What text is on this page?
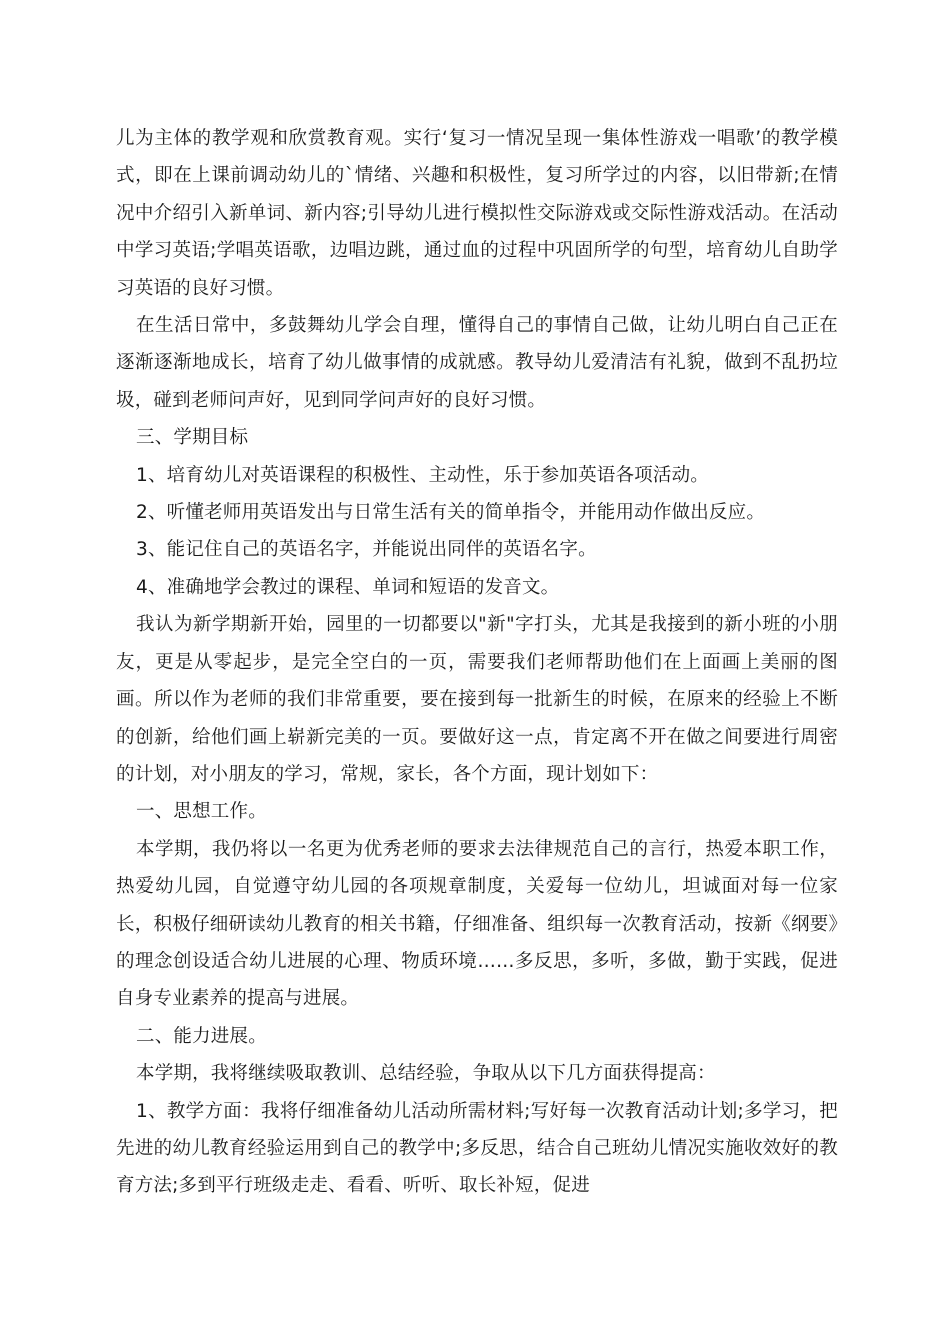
儿为主体的教学观和欣赏教育观。实行‘复习一情况呈现一集体性游戏一唱歌’的教学模式，即在上课前调动幼儿的`情绪、兴趣和积极性，复习所学过的内容，以旧带新;在情况中介绍引入新单词、新内容;引导幼儿进行模拟性交际游戏或交际性游戏活动。在活动中学习英语;学唱英语歌，边唱边跳，通过血的过程中巩固所学的句型，培育幼儿自助学习英语的良好习惯。

在生活日常中，多鼓舞幼儿学会自理，懂得自己的事情自己做，让幼儿明白自己正在逐渐逐渐地成长，培育了幼儿做事情的成就感。教导幼儿爱清洁有礼貌，做到不乱扔垃圾，碰到老师问声好，见到同学问声好的良好习惯。

三、学期目标

1、培育幼儿对英语课程的积极性、主动性，乐于参加英语各项活动。

2、听懂老师用英语发出与日常生活有关的简单指令，并能用动作做出反应。

3、能记住自己的英语名字，并能说出同伴的英语名字。

4、准确地学会教过的课程、单词和短语的发音文。

我认为新学期新开始，园里的一切都要以"新"字打头，尤其是我接到的新小班的小朋友，更是从零起步，是完全空白的一页，需要我们老师帮助他们在上面画上美丽的图画。所以作为老师的我们非常重要，要在接到每一批新生的时候，在原来的经验上不断的创新，给他们画上崭新完美的一页。要做好这一点，肯定离不开在做之间要进行周密的计划，对小朋友的学习，常规，家长，各个方面，现计划如下：

一、思想工作。

本学期，我仍将以一名更为优秀老师的要求去法律规范自己的言行，热爱本职工作，热爱幼儿园，自觉遵守幼儿园的各项规章制度，关爱每一位幼儿，坦诚面对每一位家长，积极仔细研读幼儿教育的相关书籍，仔细准备、组织每一次教育活动，按新《纲要》的理念创设适合幼儿进展的心理、物质环境……多反思，多听，多做，勤于实践，促进自身专业素养的提高与进展。

二、能力进展。

本学期，我将继续吸取教训、总结经验，争取从以下几方面获得提高：

1、教学方面：我将仔细准备幼儿活动所需材料;写好每一次教育活动计划;多学习，把先进的幼儿教育经验运用到自己的教学中;多反思，结合自己班幼儿情况实施收效好的教育方法;多到平行班级走走、看看、听听、取长补短，促进
